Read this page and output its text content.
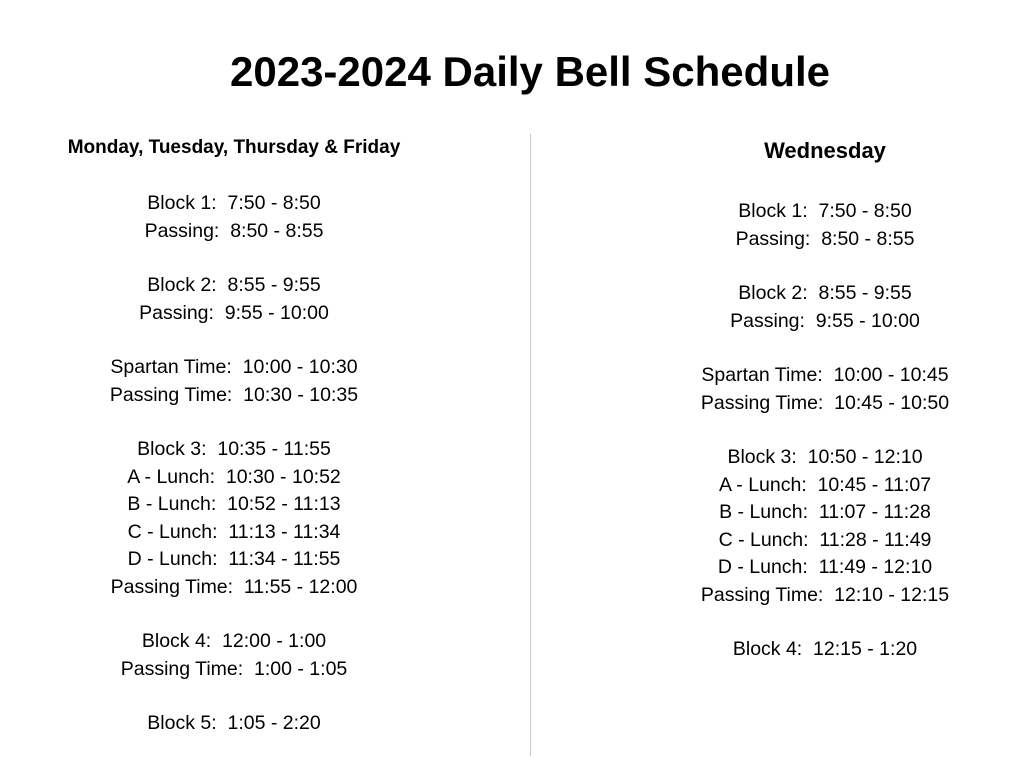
2023-2024 Daily Bell Schedule
Monday, Tuesday, Thursday & Friday
Block 1:  7:50 - 8:50
Passing:  8:50 - 8:55
Block 2:  8:55 - 9:55
Passing:  9:55 - 10:00
Spartan Time:  10:00 - 10:30
Passing Time:  10:30 - 10:35
Block 3:  10:35 - 11:55
A - Lunch:  10:30 - 10:52
B - Lunch:  10:52 - 11:13
C - Lunch:  11:13 - 11:34
D - Lunch:  11:34 - 11:55
Passing Time:  11:55 - 12:00
Block 4:  12:00 - 1:00
Passing Time:  1:00 - 1:05
Block 5:  1:05 - 2:20
Wednesday
Block 1:  7:50 - 8:50
Passing:  8:50 - 8:55
Block 2:  8:55 - 9:55
Passing:  9:55 - 10:00
Spartan Time:  10:00 - 10:45
Passing Time:  10:45 - 10:50
Block 3:  10:50 - 12:10
A - Lunch:  10:45 - 11:07
B - Lunch:  11:07 - 11:28
C - Lunch:  11:28 - 11:49
D - Lunch:  11:49 - 12:10
Passing Time:  12:10 - 12:15
Block 4:  12:15 - 1:20
